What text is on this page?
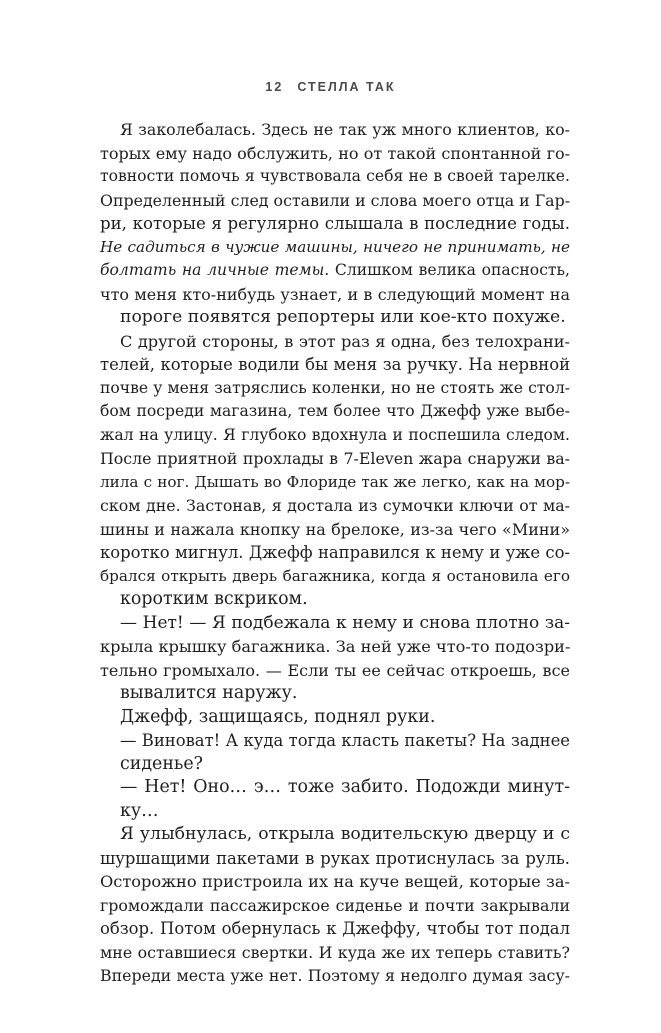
12 СТЕЛЛА ТАК

Я заколебалась. Здесь не так уж много клиентов, ко-

торых ему надо обслужить, но от такой спонтанной го-

товности помочь я чувствовала себя не в своей тарелке.

Определенный след оставили и слова моего отца и Гар-

ри, которые я регулярно слышала в последние годы.

Не садиться в чужие машины, ничего не принимать, не

болтать на личные темы. Слишком велика опасность,

что меня кто-нибудь узнает, и в следующий момент на

пороге появятся репортеры или кое-кто похуже.

С другой стороны, в этот раз я одна, без телохрани-

телей, которые водили бы меня за ручку. На нервной

почве у меня затряслись коленки, но не стоять же стол-

бом посреди магазина, тем более что Джефф уже выбе-

жал на улицу. Я глубоко вдохнула и поспешила следом.

После приятной прохлады в 7-Eleven жара снаружи ва-

лила с ног. Дышать во Флориде так же легко, как на мор-

ском дне. Застонав, я достала из сумочки ключи от ма-

шины и нажала кнопку на брелоке, из-за чего «Мини»

коротко мигнул. Джефф направился к нему и уже со-

брался открыть дверь багажника, когда я остановила его

коротким вскриком.

— Нет! — Я подбежала к нему и снова плотно за-

крыла крышку багажника. За ней уже что-то подозри-

тельно громыхало. — Если ты ее сейчас откроешь, все

вывалится наружу.

Джефф, защищаясь, поднял руки.

— Виноват! А куда тогда класть пакеты? На заднее

сиденье?

— Нет! Оно… э… тоже забито. Подожди минут-

ку…

Я улыбнулась, открыла водительскую дверцу и с

шуршащими пакетами в руках протиснулась за руль.

Осторожно пристроила их на куче вещей, которые за-

громождали пассажирское сиденье и почти закрывали

обзор. Потом обернулась к Джеффу, чтобы тот подал

мне оставшиеся свертки. И куда же их теперь ставить?

Впереди места уже нет. Поэтому я недолго думая засу-
